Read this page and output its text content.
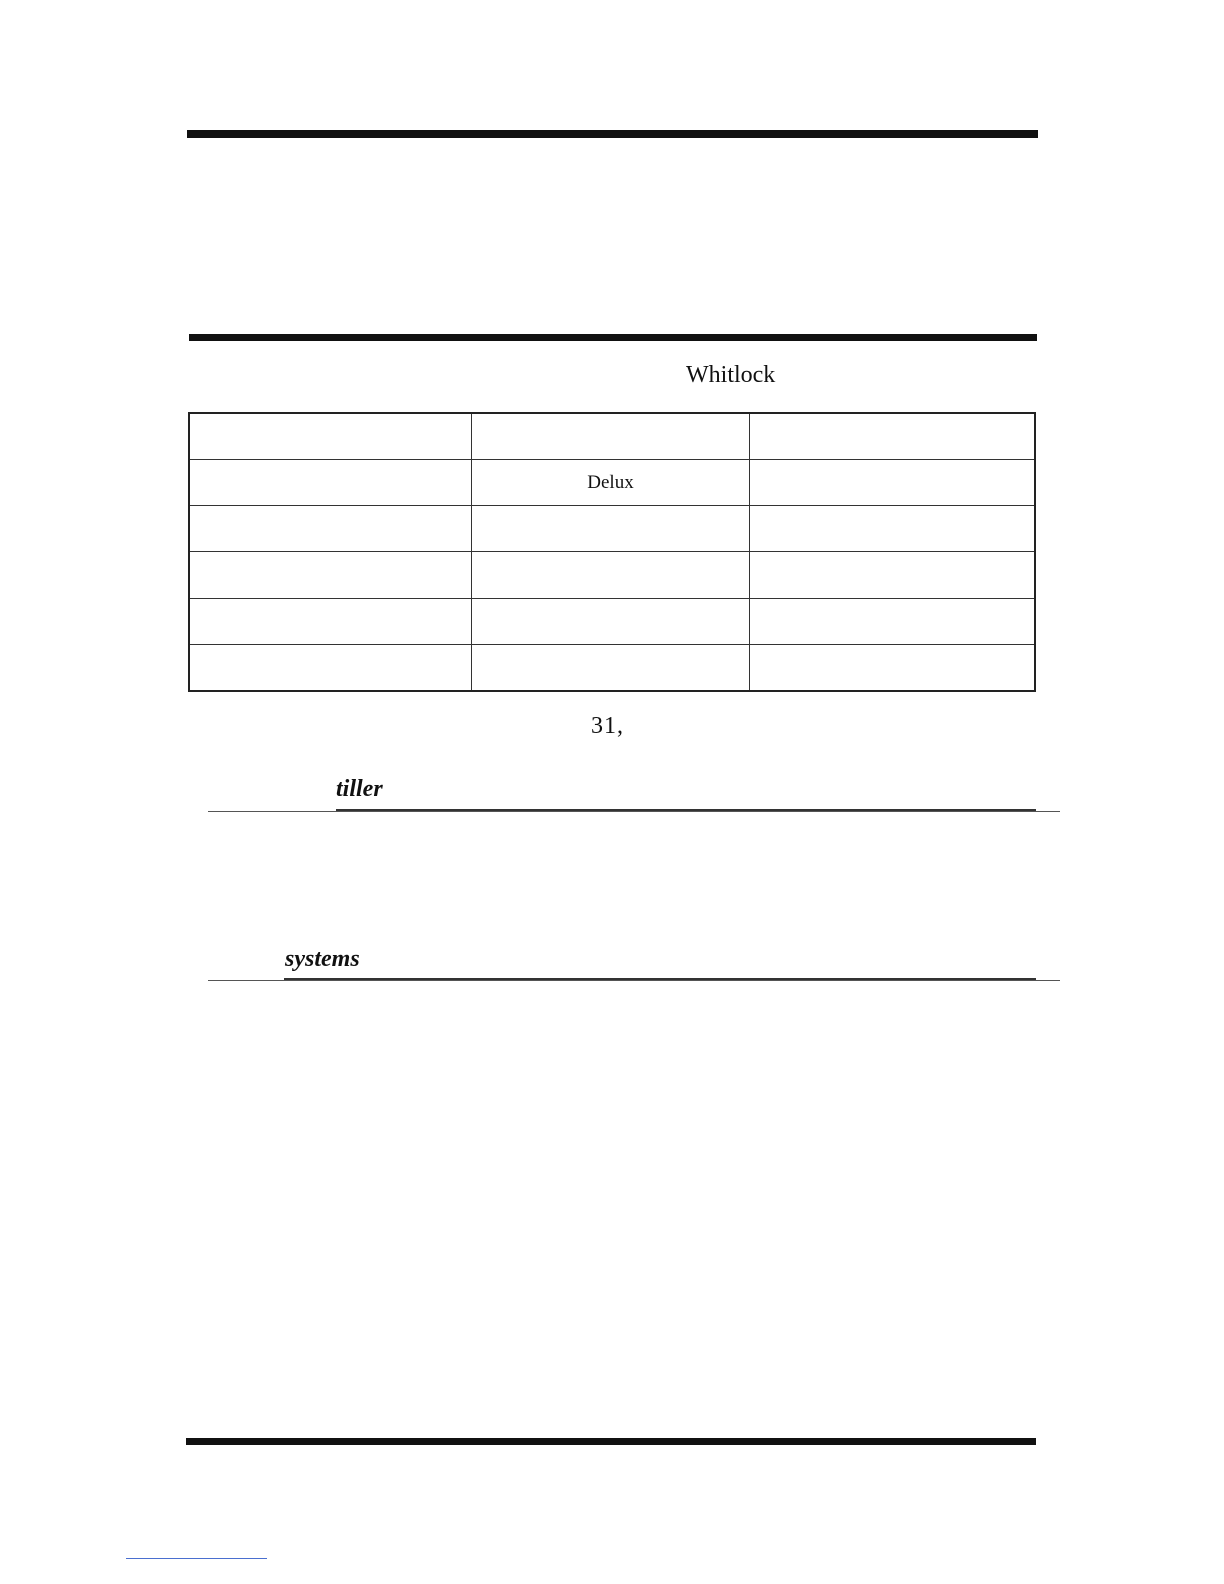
Whitlock

	Delux	

31,
tiller
systems
